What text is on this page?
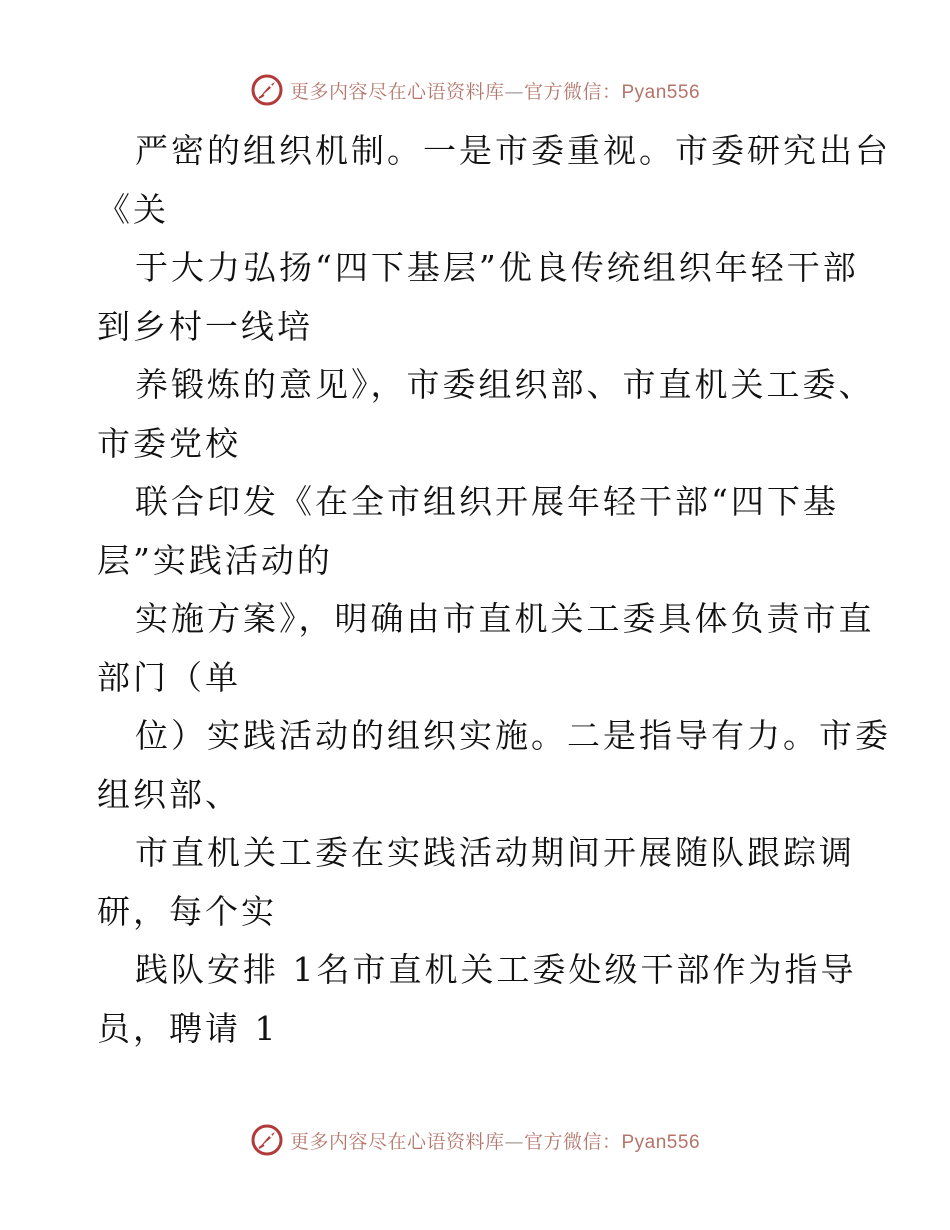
更多内容尽在心语资料库—官方微信：Pyan556
严密的组织机制。一是市委重视。市委研究出台
《关
于大力弘扬“四下基层”优良传统组织年轻干部
到乡村一线培
养锻炼的意见》，市委组织部、市直机关工委、
市委党校
联合印发《在全市组织开展年轻干部“四下基
层”实践活动的
实施方案》，明确由市直机关工委具体负责市直
部门（单
位）实践活动的组织实施。二是指导有力。市委
组织部、
市直机关工委在实践活动期间开展随队跟踪调
研，每个实
践队安排 1名市直机关工委处级干部作为指导
员，聘请 1
更多内容尽在心语资料库—官方微信：Pyan556
